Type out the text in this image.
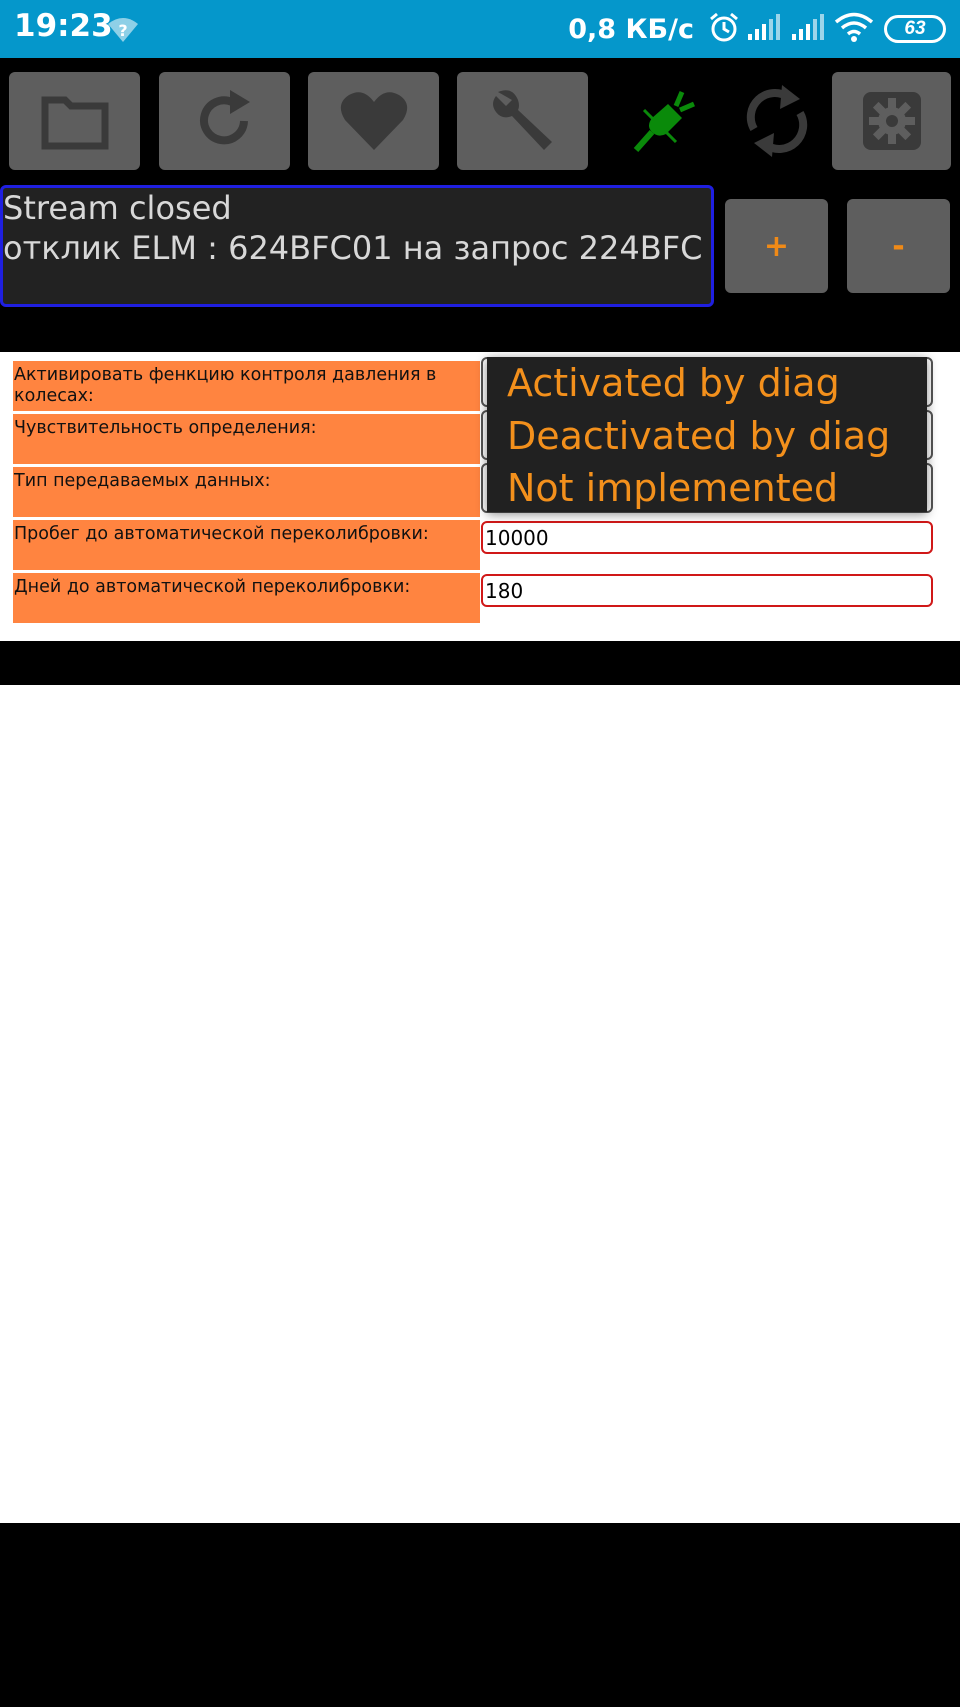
19:23 ?	0,8 КБ/с	63
Stream closed
отклик ELM : 624BFC01 на запрос 224BFC	+	-
Активировать фенкцию контроля давления в колесах:
Чувствительность определения:
Тип передаваемых данных:
Пробег до автоматической переколибровки:	10000
Дней до автоматической переколибровки:	180
Activated by diag
Deactivated by diag
Not implemented
